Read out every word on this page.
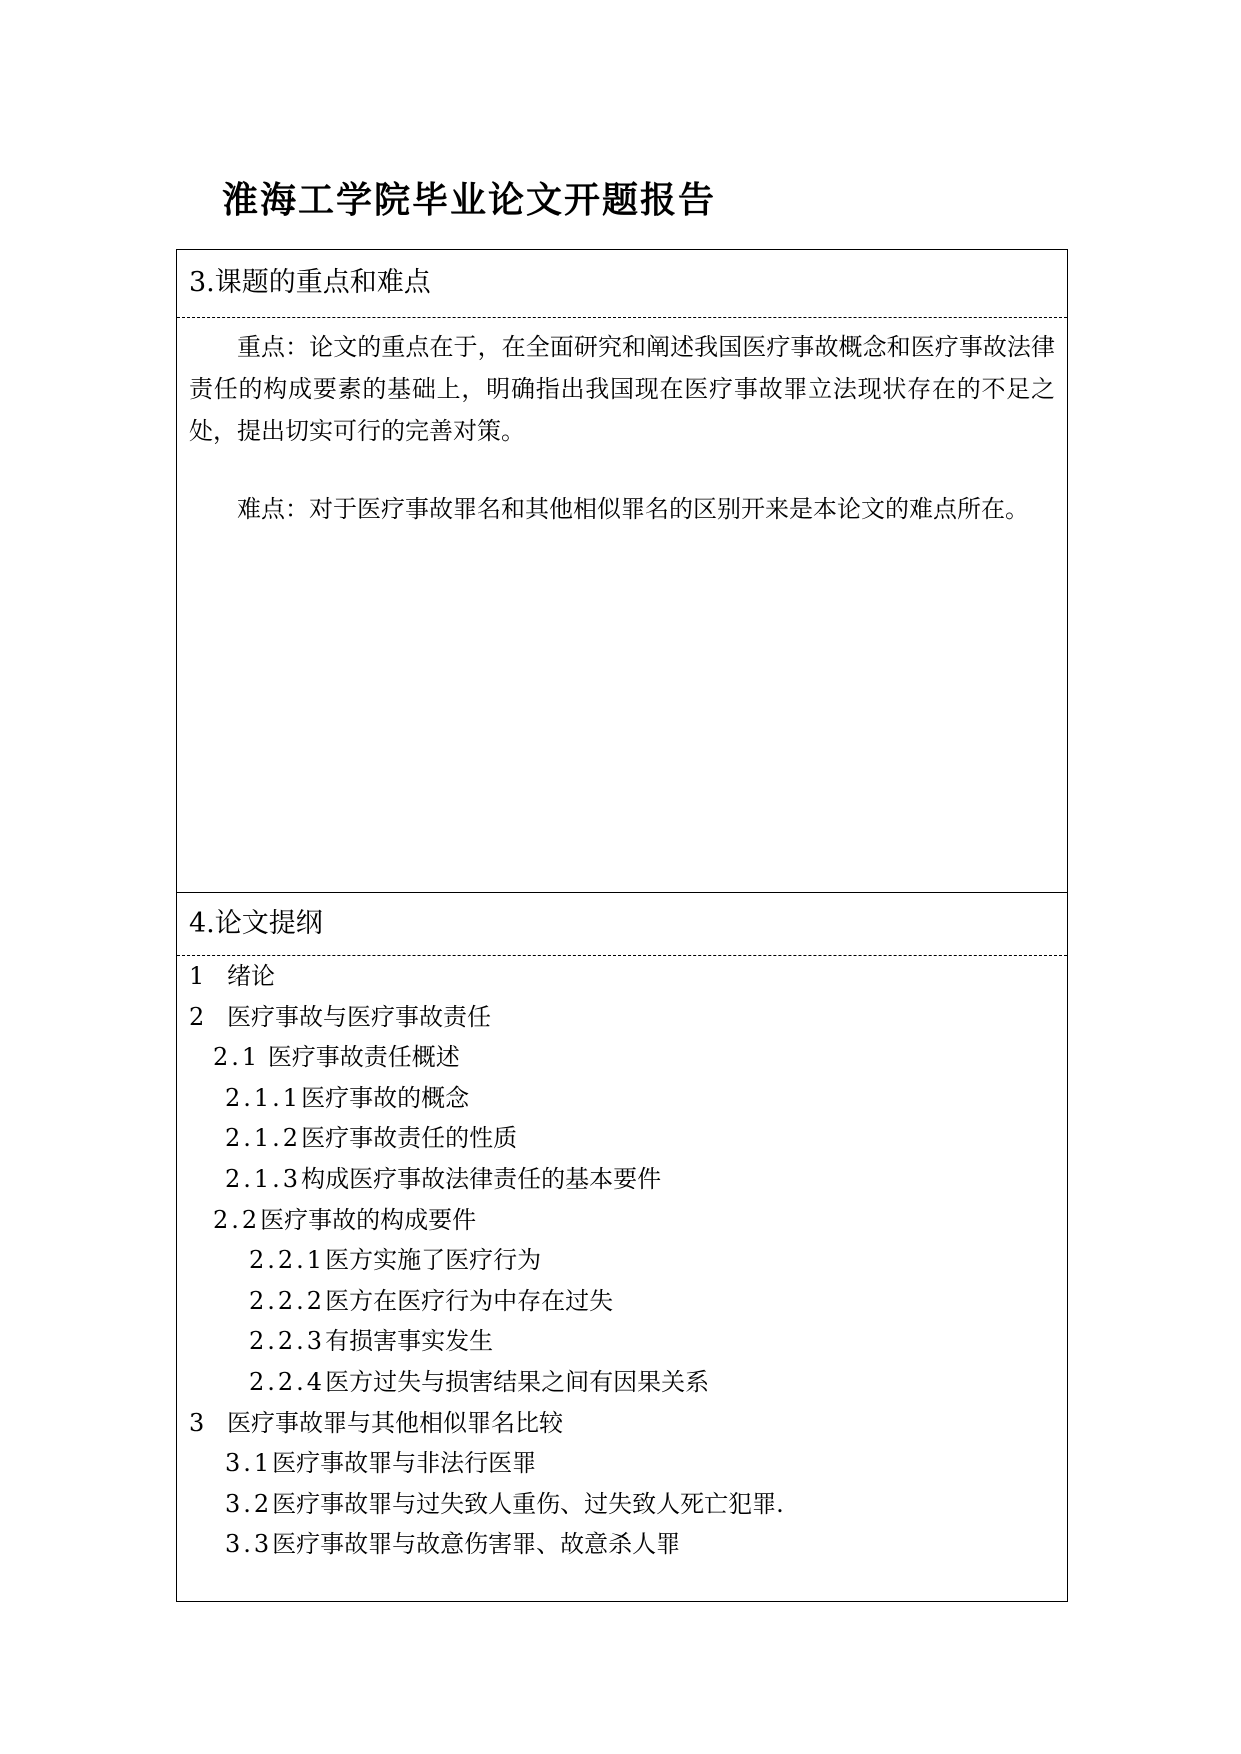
淮海工学院毕业论文开题报告
3.课题的重点和难点

重点：论文的重点在于，在全面研究和阐述我国医疗事故概念和医疗事故法律责任的构成要素的基础上，明确指出我国现在医疗事故罪立法现状存在的不足之处，提出切实可行的完善对策。

难点：对于医疗事故罪名和其他相似罪名的区别开来是本论文的难点所在。

4.论文提纲
1 绪论
2 医疗事故与医疗事故责任
2.1 医疗事故责任概述
2.1.1医疗事故的概念
2.1.2医疗事故责任的性质
2.1.3构成医疗事故法律责任的基本要件
2.2医疗事故的构成要件
2.2.1医方实施了医疗行为
2.2.2医方在医疗行为中存在过失
2.2.3有损害事实发生
2.2.4医方过失与损害结果之间有因果关系
3 医疗事故罪与其他相似罪名比较
3.1医疗事故罪与非法行医罪
3.2医疗事故罪与过失致人重伤、过失致人死亡犯罪.
3.3医疗事故罪与故意伤害罪、故意杀人罪
